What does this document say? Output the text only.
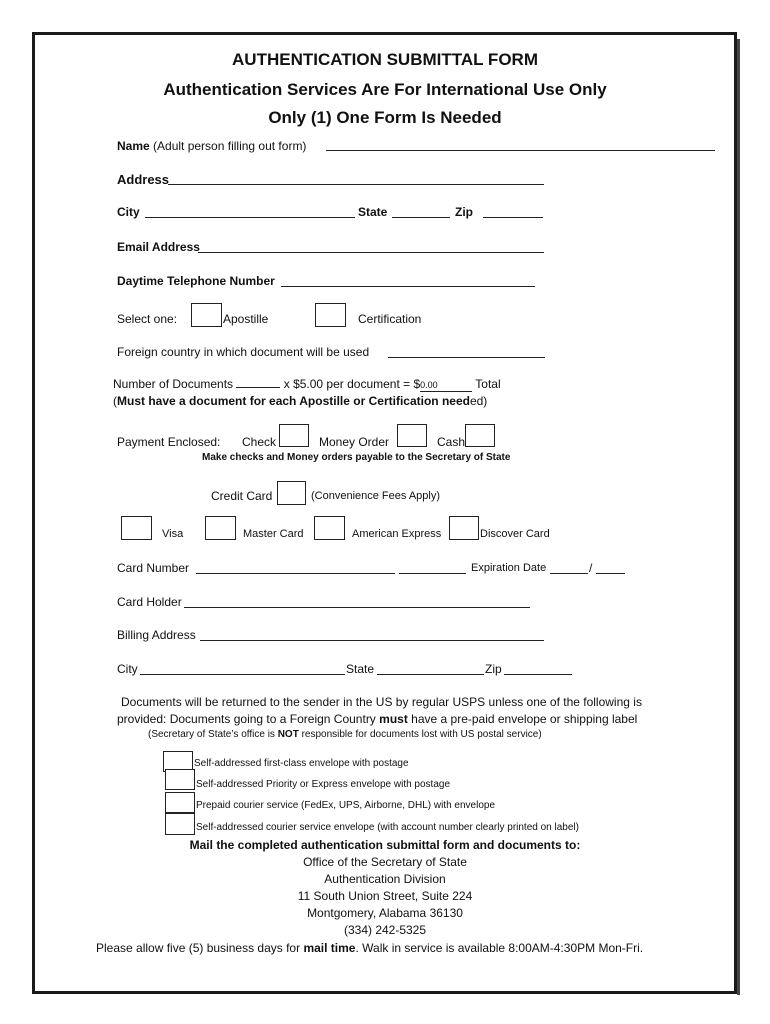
AUTHENTICATION SUBMITTAL FORM
Authentication Services Are For International Use Only
Only (1) One Form Is Needed
Name (Adult person filling out form)
Address
City	State	Zip
Email Address
Daytime Telephone Number
Select one:	Apostille	Certification
Foreign country in which document will be used
Number of Documents	x $5.00 per document = $0.00	Total
(Must have a document for each Apostille or Certification needed)
Payment Enclosed: Check	Money Order	Cash
Make checks and Money orders payable to the Secretary of State
Credit Card	(Convenience Fees Apply)
Visa	Master Card	American Express	Discover Card
Card Number	Expiration Date	/
Card Holder
Billing Address
City	State	Zip
Documents will be returned to the sender in the US by regular USPS unless one of the following is
provided: Documents going to a Foreign Country must have a pre-paid envelope or shipping label
(Secretary of State’s office is NOT responsible for documents lost with US postal service)
Self-addressed first-class envelope with postage
Self-addressed Priority or Express envelope with postage
Prepaid courier service (FedEx, UPS, Airborne, DHL) with envelope
Self-addressed courier service envelope (with account number clearly printed on label)
Mail the completed authentication submittal form and documents to:
Office of the Secretary of State
Authentication Division
11 South Union Street, Suite 224
Montgomery, Alabama 36130
(334) 242-5325
Please allow five (5) business days for mail time. Walk in service is available 8:00AM-4:30PM Mon-Fri.
